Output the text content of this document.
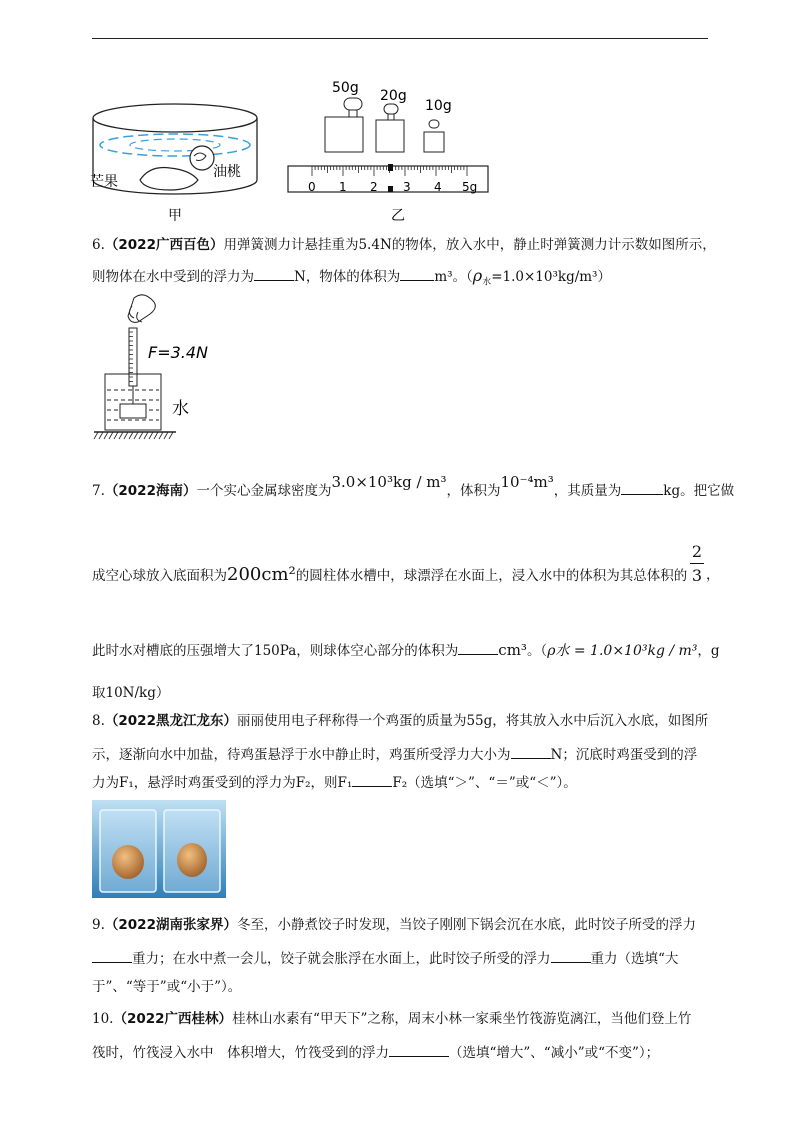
芒果
油桃
甲
50g 20g
10g
0 1 2 3 4 5g
乙
6.（2022广西百色）用弹簧测力计悬挂重为5.4N的物体，放入水中，静止时弹簧测力计示数如图所示，
则物体在水中受到的浮力为	N，物体的体积为	m³。$(\rho_水=1.0\times 10^3kg/m^3)$
F=3.4N
水
7.（2022海南）一个实心金属球密度为3.0×10³kg / m³，体积为10⁻⁴m³，其质量为	kg。把它做
成空心球放入底面积为200cm²的圆柱体水槽中，球漂浮在水面上，浸入水中的体积为其总体积的
2
3 ，
此时水对槽底的压强增大了150Pa，则球体空心部分的体积为	cm³。（ρ水 = 1.0×10³kg / m³，g
取10N/kg）
8.（2022黑龙江龙东）丽丽使用电子秤称得一个鸡蛋的质量为55g，将其放入水中后沉入水底，如图所
示，逐渐向水中加盐，待鸡蛋悬浮于水中静止时，鸡蛋所受浮力大小为	N；沉底时鸡蛋受到的浮
力为F₁，悬浮时鸡蛋受到的浮力为F₂，则F₁	F₂（选填“＞”、“＝”或“＜”）。
9.（2022湖南张家界）冬至，小静煮饺子时发现，当饺子刚刚下锅会沉在水底，此时饺子所受的浮力
重力；在水中煮一会儿，饺子就会胀浮在水面上，此时饺子所受的浮力	重力（选填“大
于”、“等于”或“小于”）。
10.（2022广西桂林）桂林山水素有“甲天下”之称，周末小林一家乘坐竹筏游览漓江，当他们登上竹
筏时，竹筏浸入水中　体积增大，竹筏受到的浮力	（选填“增大”、“减小”或“不变”）；
